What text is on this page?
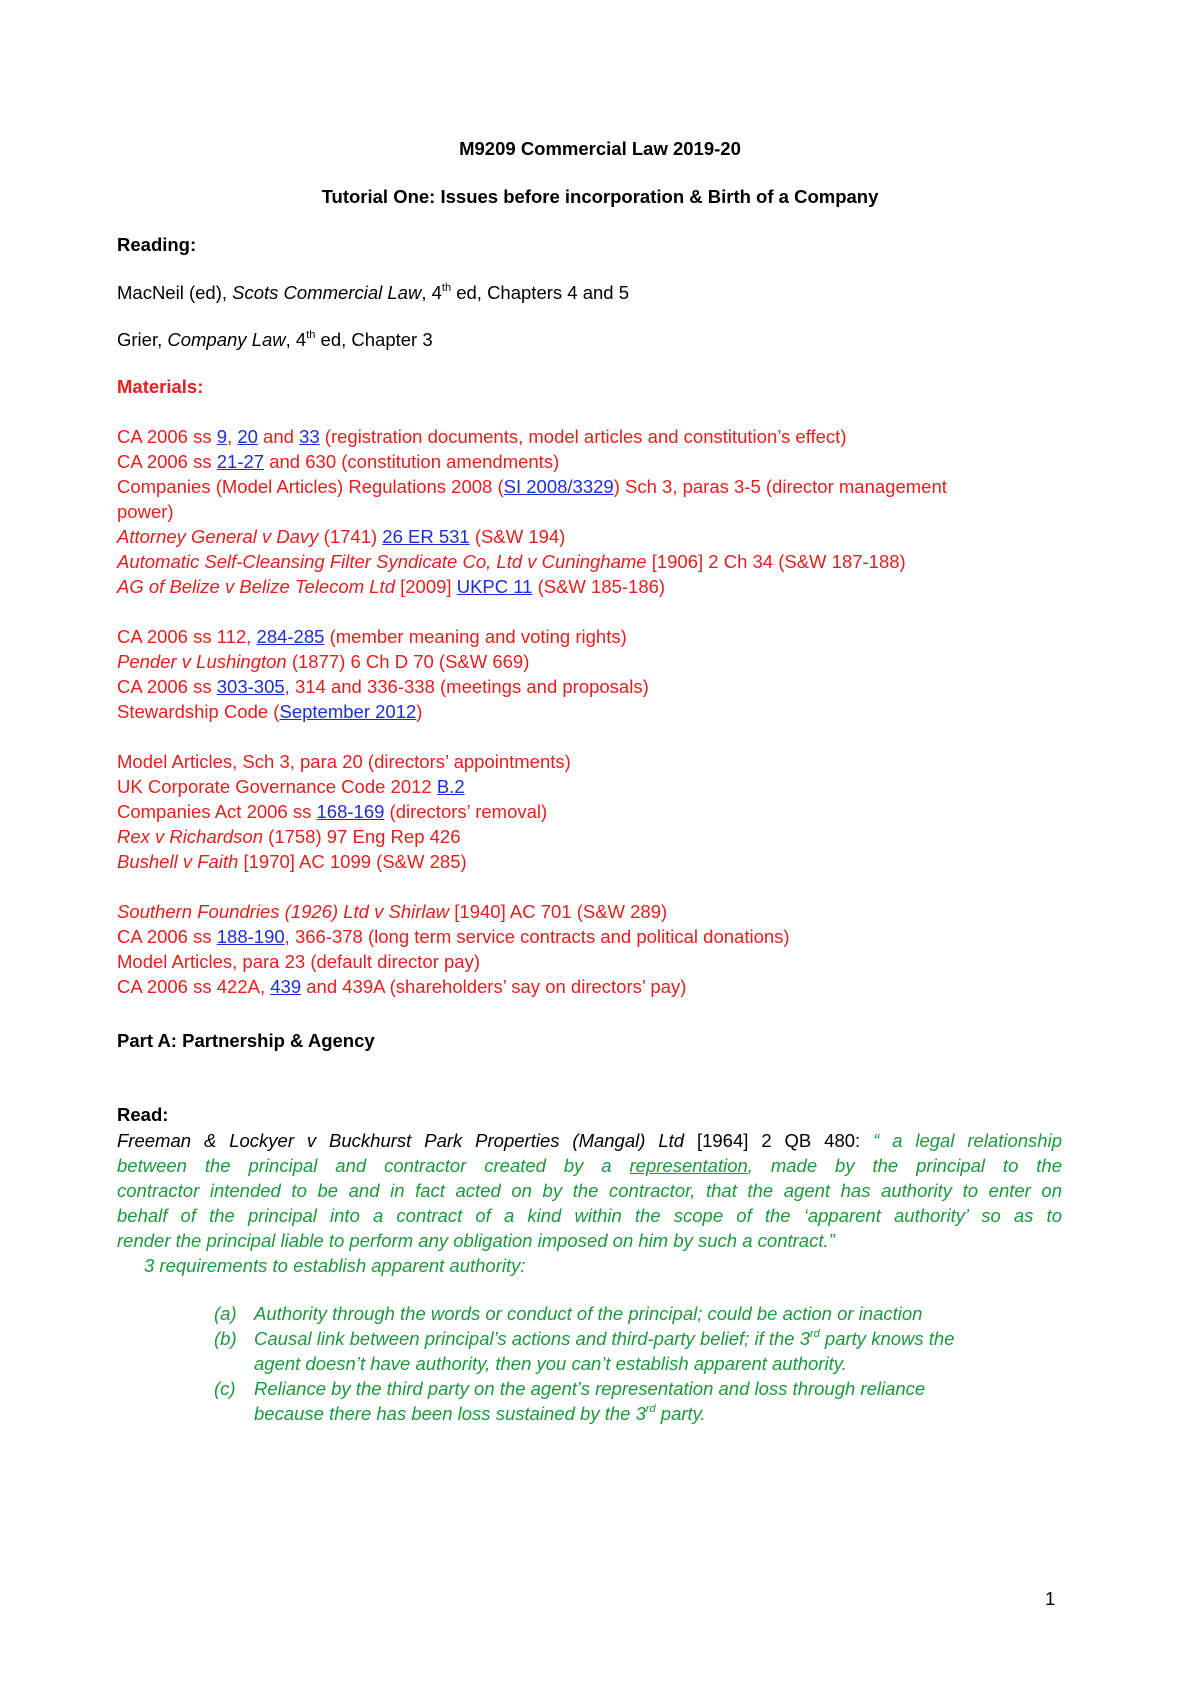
M9209 Commercial Law 2019-20
Tutorial One: Issues before incorporation & Birth of a Company
Reading:
MacNeil (ed), Scots Commercial Law, 4th ed, Chapters 4 and 5
Grier, Company Law, 4th ed, Chapter 3
Materials:
CA 2006 ss 9, 20 and 33 (registration documents, model articles and constitution’s effect)
CA 2006 ss 21-27 and 630 (constitution amendments)
Companies (Model Articles) Regulations 2008 (SI 2008/3329) Sch 3, paras 3-5 (director management
power)
Attorney General v Davy (1741) 26 ER 531 (S&W 194)
Automatic Self-Cleansing Filter Syndicate Co, Ltd v Cuninghame [1906] 2 Ch 34 (S&W 187-188)
AG of Belize v Belize Telecom Ltd [2009] UKPC 11 (S&W 185-186)
CA 2006 ss 112, 284-285 (member meaning and voting rights)
Pender v Lushington (1877) 6 Ch D 70 (S&W 669)
CA 2006 ss 303-305, 314 and 336-338 (meetings and proposals)
Stewardship Code (September 2012)
Model Articles, Sch 3, para 20 (directors’ appointments)
UK Corporate Governance Code 2012 B.2
Companies Act 2006 ss 168-169 (directors’ removal)
Rex v Richardson (1758) 97 Eng Rep 426
Bushell v Faith [1970] AC 1099 (S&W 285)
Southern Foundries (1926) Ltd v Shirlaw [1940] AC 701 (S&W 289)
CA 2006 ss 188-190, 366-378 (long term service contracts and political donations)
Model Articles, para 23 (default director pay)
CA 2006 ss 422A, 439 and 439A (shareholders’ say on directors’ pay)
Part A: Partnership & Agency
Read:
Freeman & Lockyer v Buckhurst Park Properties (Mangal) Ltd [1964] 2 QB 480: “ a legal relationship
between the principal and contractor created by a representation, made by the principal to the
contractor intended to be and in fact acted on by the contractor, that the agent has authority to enter on
behalf of the principal into a contract of a kind within the scope of the ‘apparent authority’ so as to
render the principal liable to perform any obligation imposed on him by such a contract.”
3 requirements to establish apparent authority:
(a) Authority through the words or conduct of the principal; could be action or inaction
(b) Causal link between principal’s actions and third-party belief; if the 3rd party knows the
agent doesn’t have authority, then you can’t establish apparent authority.
(c) Reliance by the third party on the agent’s representation and loss through reliance
because there has been loss sustained by the 3rd party.
1
